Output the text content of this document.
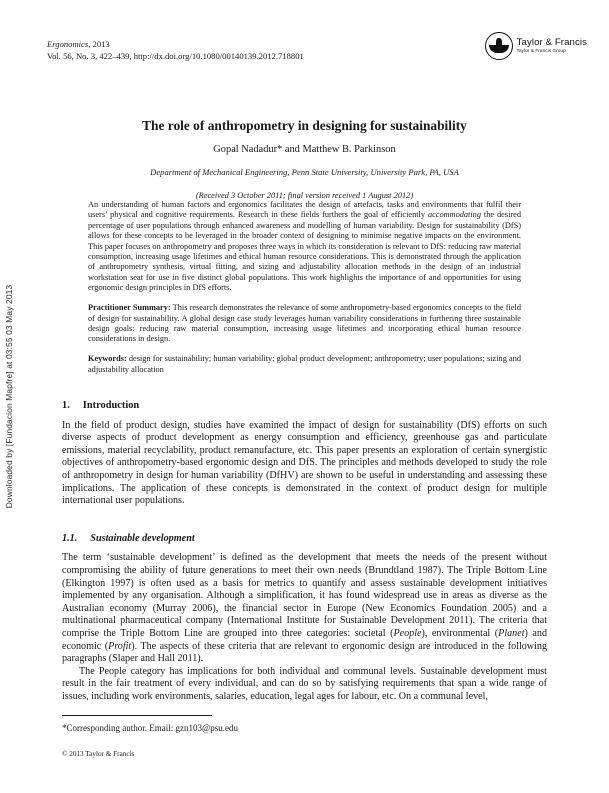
Downloaded by [Fundacion Mapfre] at 03:55 03 May 2013
Ergonomics, 2013
Vol. 56, No. 3, 422–439, http://dx.doi.org/10.1080/00140139.2012.718801
Taylor & Francis
Taylor & Francis Group
The role of anthropometry in designing for sustainability
Gopal Nadadur* and Matthew B. Parkinson
Department of Mechanical Engineering, Penn State University, University Park, PA, USA
(Received 3 October 2011; final version received 1 August 2012)

An understanding of human factors and ergonomics facilitates the design of artefacts, tasks and environments that fulfil their users’ physical and cognitive requirements. Research in these fields furthers the goal of efficiently accommodating the desired percentage of user populations through enhanced awareness and modelling of human variability. Design for sustainability (DfS) allows for these concepts to be leveraged in the broader context of designing to minimise negative impacts on the environment. This paper focuses on anthropometry and proposes three ways in which its consideration is relevant to DfS: reducing raw material consumption, increasing usage lifetimes and ethical human resource considerations. This is demonstrated through the application of anthropometry synthesis, virtual fitting, and sizing and adjustability allocation methods in the design of an industrial workstation seat for use in five distinct global populations. This work highlights the importance of and opportunities for using ergonomic design principles in DfS efforts.

Practitioner Summary: This research demonstrates the relevance of some anthropometry-based ergonomics concepts to the field of design for sustainability. A global design case study leverages human variability considerations in furthering three sustainable design goals: reducing raw material consumption, increasing usage lifetimes and incorporating ethical human resource considerations in design.

Keywords: design for sustainability; human variability; global product development; anthropometry; user populations; sizing and adjustability allocation

1. Introduction

In the field of product design, studies have examined the impact of design for sustainability (DfS) efforts on such diverse aspects of product development as energy consumption and efficiency, greenhouse gas and particulate emissions, material recyclability, product remanufacture, etc. This paper presents an exploration of certain synergistic objectives of anthropometry-based ergonomic design and DfS. The principles and methods developed to study the role of anthropometry in design for human variability (DfHV) are shown to be useful in understanding and assessing these implications. The application of these concepts is demonstrated in the context of product design for multiple international user populations.

1.1. Sustainable development

The term ‘sustainable development’ is defined as the development that meets the needs of the present without compromising the ability of future generations to meet their own needs (Brundtland 1987). The Triple Bottom Line (Elkington 1997) is often used as a basis for metrics to quantify and assess sustainable development initiatives implemented by any organisation. Although a simplification, it has found widespread use in areas as diverse as the Australian economy (Murray 2006), the financial sector in Europe (New Economics Foundation 2005) and a multinational pharmaceutical company (International Institute for Sustainable Development 2011). The criteria that comprise the Triple Bottom Line are grouped into three categories: societal (People), environmental (Planet) and economic (Profit). The aspects of these criteria that are relevant to ergonomic design are introduced in the following paragraphs (Slaper and Hall 2011).

The People category has implications for both individual and communal levels. Sustainable development must result in the fair treatment of every individual, and can do so by satisfying requirements that span a wide range of issues, including work environments, salaries, education, legal ages for labour, etc. On a communal level,

*Corresponding author. Email: gzn103@psu.edu

© 2013 Taylor & Francis
